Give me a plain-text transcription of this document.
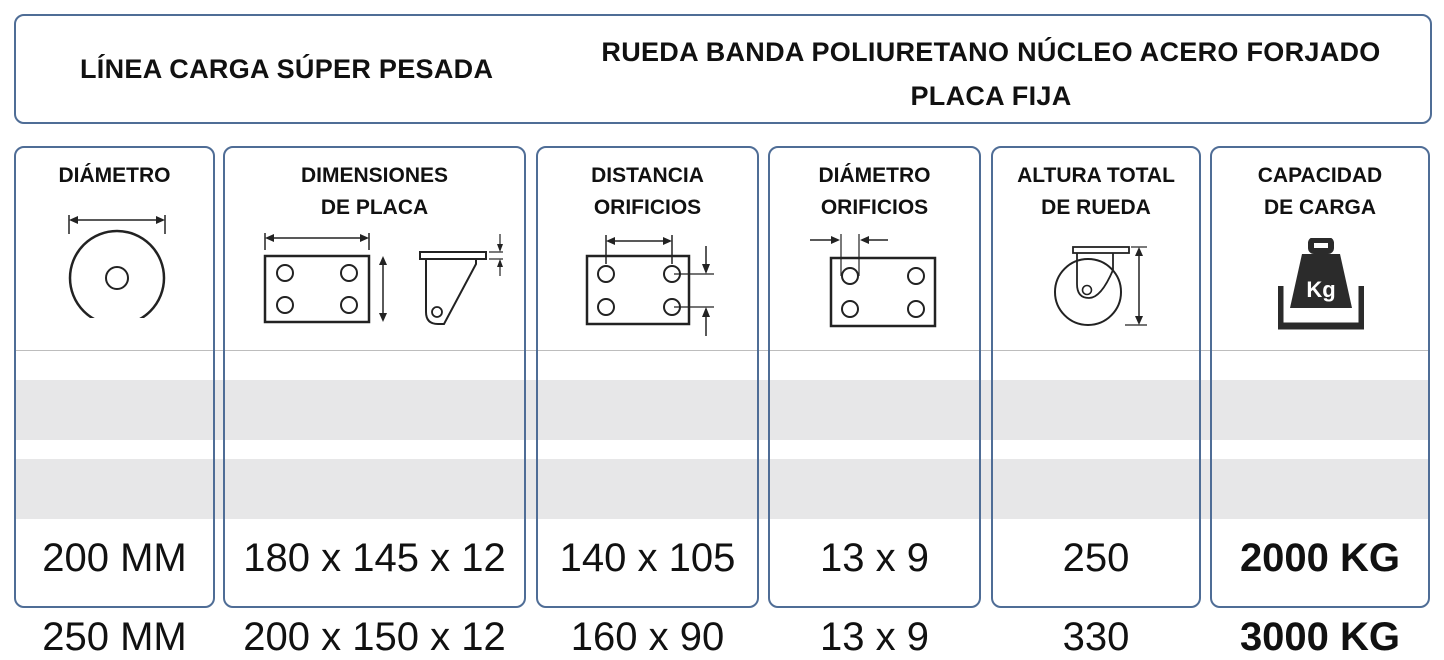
LÍNEA CARGA SÚPER PESADA
RUEDA BANDA POLIURETANO NÚCLEO ACERO FORJADO
PLACA FIJA
DIÁMETRO
200 MM
250 MM
DIMENSIONES
DE PLACA
180 x 145 x 12
200 x 150 x 12
DISTANCIA
ORIFICIOS
140 x 105
160 x 90
DIÁMETRO
ORIFICIOS
13 x 9
13 x 9
ALTURA TOTAL
DE RUEDA
250
330
CAPACIDAD
DE CARGA
Kg
2000 KG
3000 KG
